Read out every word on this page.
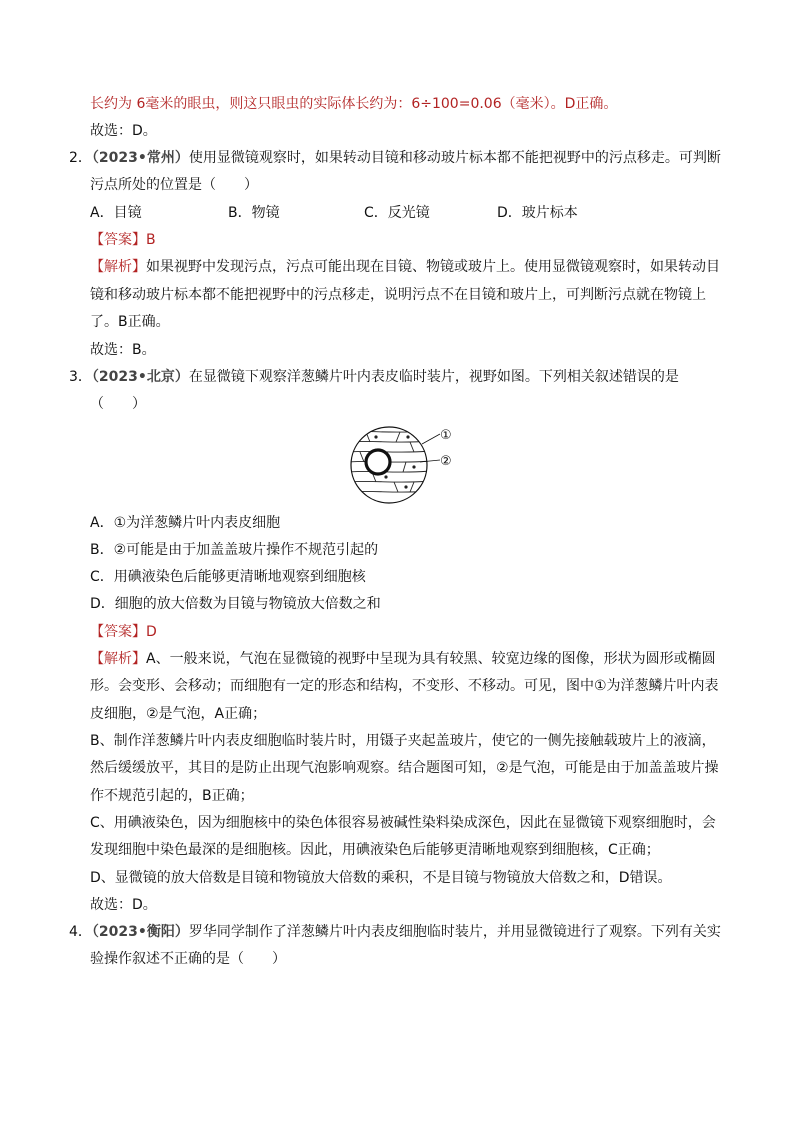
长约为 6毫米的眼虫，则这只眼虫的实际体长约为：6÷100=0.06（毫米）。D正确。
故选：D。
2．（2023•常州）使用显微镜观察时，如果转动目镜和移动玻片标本都不能把视野中的污点移走。可判断
污点所处的位置是（　　）
A．目镜	B．物镜	C．反光镜	D．玻片标本
【答案】B
【解析】如果视野中发现污点，污点可能出现在目镜、物镜或玻片上。使用显微镜观察时，如果转动目
镜和移动玻片标本都不能把视野中的污点移走，说明污点不在目镜和玻片上，可判断污点就在物镜上
了。B正确。
故选：B。
3．（2023•北京）在显微镜下观察洋葱鳞片叶内表皮临时装片，视野如图。下列相关叙述错误的是
（　　）
①
②
A．①为洋葱鳞片叶内表皮细胞
B．②可能是由于加盖盖玻片操作不规范引起的
C．用碘液染色后能够更清晰地观察到细胞核
D．细胞的放大倍数为目镜与物镜放大倍数之和
【答案】D
【解析】A、一般来说，气泡在显微镜的视野中呈现为具有较黑、较宽边缘的图像，形状为圆形或椭圆
形。会变形、会移动；而细胞有一定的形态和结构，不变形、不移动。可见，图中①为洋葱鳞片叶内表
皮细胞，②是气泡，A正确；
B、制作洋葱鳞片叶内表皮细胞临时装片时，用镊子夹起盖玻片，使它的一侧先接触载玻片上的液滴，
然后缓缓放平，其目的是防止出现气泡影响观察。结合题图可知，②是气泡，可能是由于加盖盖玻片操
作不规范引起的，B正确；
C、用碘液染色，因为细胞核中的染色体很容易被碱性染料染成深色，因此在显微镜下观察细胞时，会
发现细胞中染色最深的是细胞核。因此，用碘液染色后能够更清晰地观察到细胞核，C正确；
D、显微镜的放大倍数是目镜和物镜放大倍数的乘积，不是目镜与物镜放大倍数之和，D错误。
故选：D。
4．（2023•衡阳）罗华同学制作了洋葱鳞片叶内表皮细胞临时装片，并用显微镜进行了观察。下列有关实
验操作叙述不正确的是（　　）
